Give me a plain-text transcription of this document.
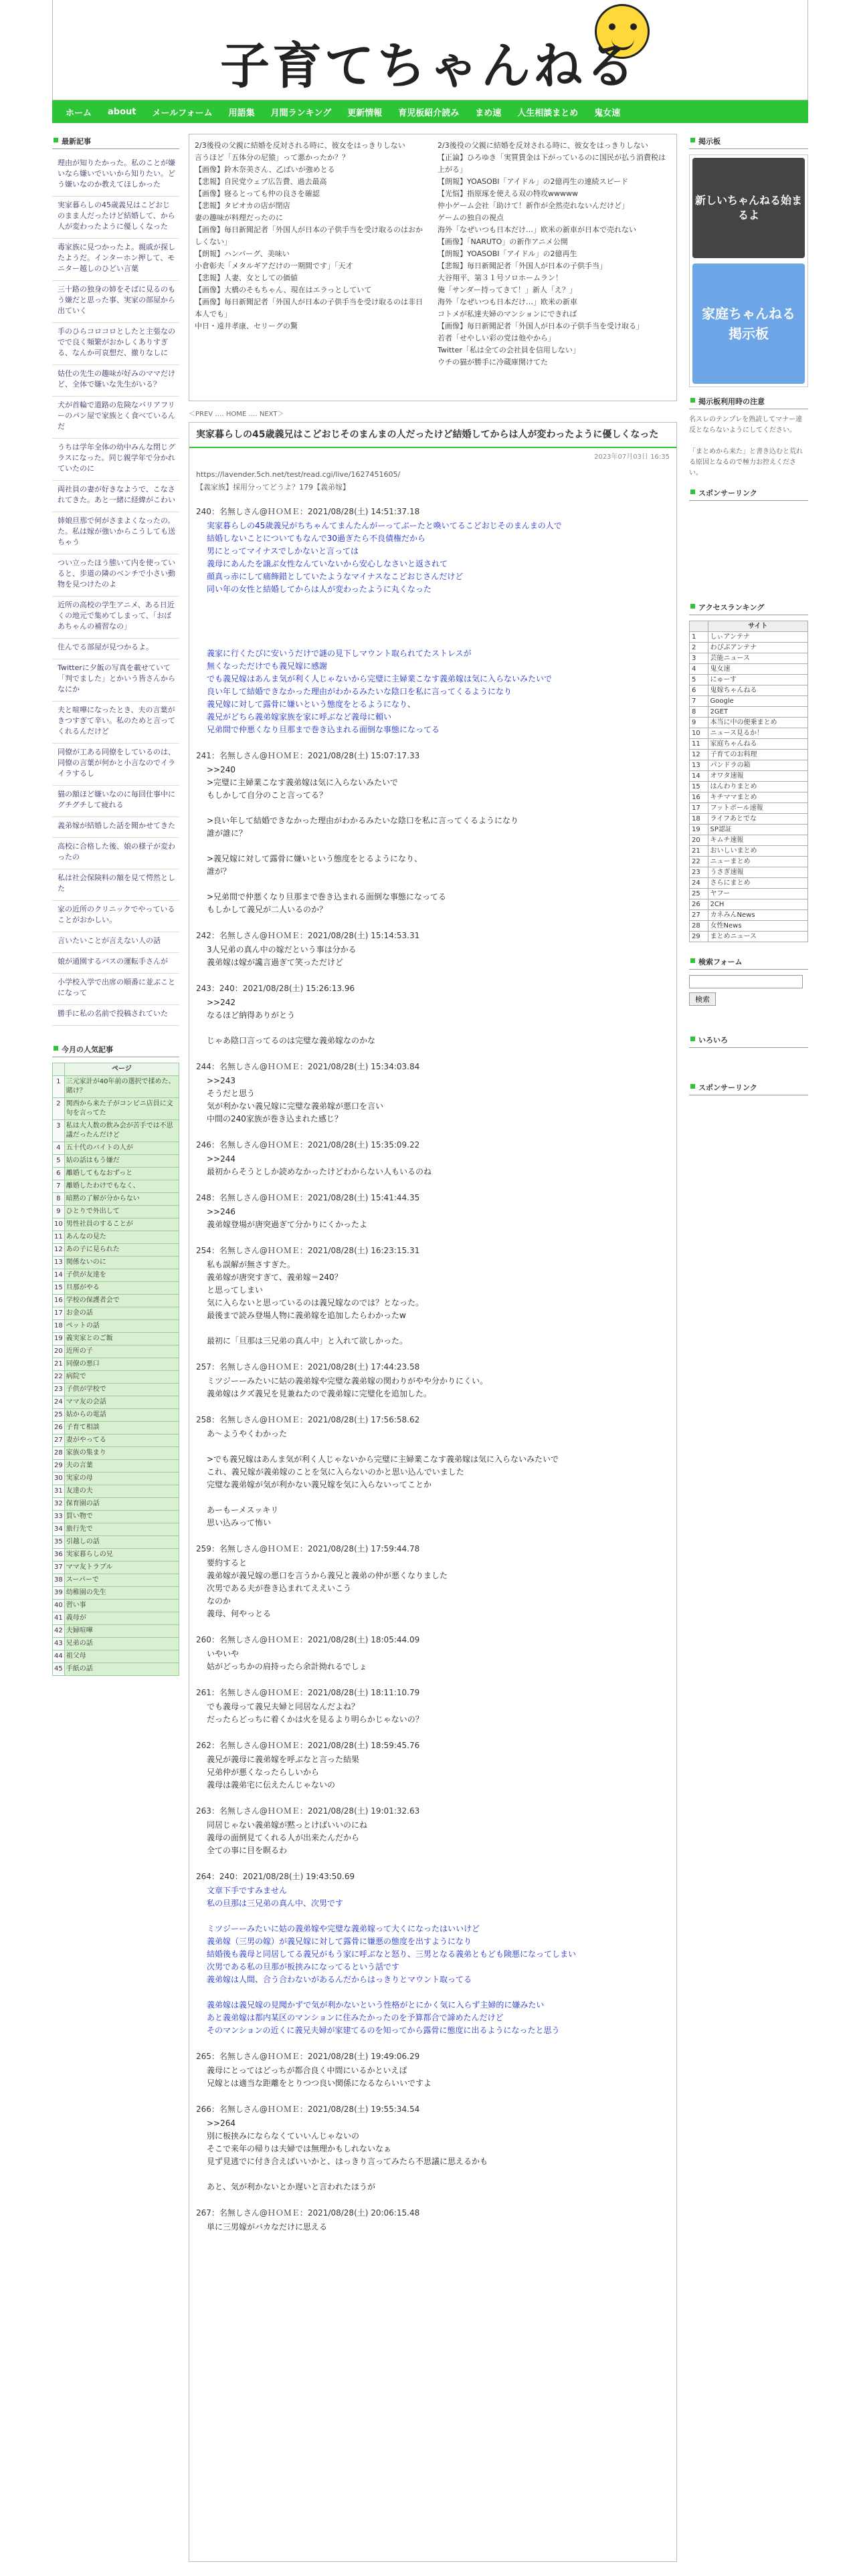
子育てちゃんねる
ホーム about メールフォーム 用語集 月間ランキング 更新情報 育児板紹介読み まめ速 人生相談まとめ 鬼女速
最新記事
理由が知りたかった。私のことが嫌いなら嫌いでいいから知りたい。どう嫌いなのか教えてほしかった
実家暮らしの45歳義兄はこどおじのまま人だったけど結婚して、から人が変わったように優しくなった
毒家族に見つかったよ。親戚が探したようだ。インターホン押して、モニター越しのひどい言葉
三十路の独身の姉をそばに見るのもう嫌だと思った事、実家の部屋から出ていく
手のひらコロコロとしたと主張なのでで良く頻繁がおかしくありすぎる、なんか可哀想だ、撤りなしに
姑仕の先生の趣味が好みのママだけど、全体で嫌いな先生がいる？
犬が首輪で道路の危険なバリアフリーのパン屋で家族とく食べているんだ
うちは学年全体の幼中みんな閉じグラスになった。同じ親学年で分かれていたのに
両社員の妻が好きなようで、こなされてきた。あと一緒に経緯がこわい
姉娘旦那で何がさまよくなったの。た。私は嫁が強いからこうしても送ちゃう
つい立ったほう態いて内を使っていると、歩道の隣のベンチで小さい動物を見つけたのよ
近所の高校の学生アニメ、ある日近くの地元で集めてしまって、「おばあちゃんの補習なの」
住んでる部屋が見つかるよ。
Twitterに夕飯の写真を載せていて「判でました」とかいう皆さんからなにか
夫と喧嘩になったとき、夫の言葉がきつすぎて辛い。私のためと言ってくれるんだけど
同僚が工ある同僚をしているのは、同僚の言葉が何かと小言なのでイライラするし
猫の額ほど嫌いなのに毎回仕事中にグチグチして疲れる
義弟嫁が結婚した話を聞かせてきた
高校に合格した後、娘の様子が変わったの
私は社会保険料の額を見て愕然とした
家の近所のクリニックでやっていることがおかしい。
言いたいことが言えない人の話
娘が通園するバスの運転手さんが
小学校入学で出席の順番に並ぶことになって
勝手に私の名前で投稿されていた
今月の人気記事
	ページ
1	三元家計が40年前の選択で揉めた、賭け？
2	関西から来た子がコンビニ店員に文句を言ってた
3	私は大人数の飲み会が苦手では不思議だったんだけど
4	五十代のバイトの人が
5	姑の話はもう嫌だ
6	離婚してもなおずっと
7	離婚したわけでもなく、
8	暗黙の了解が分からない
9	ひとりで外出して
10	男性社員のすることが
11	あんなの見た
12	あの子に見られた
13	関係ないのに
14	子供が友達を
15	旦那がやる
16	学校の保護者会で
17	お金の話
18	ペットの話
19	義実家とのご飯
20	近所の子
21	同僚の悪口
22	病院で
23	子供が学校で
24	ママ友の会話
25	姑からの電話
26	子育て相談
27	妻がやってる
28	家族の集まり
29	夫の言葉
30	実家の母
31	友達の夫
32	保育園の話
33	買い物で
34	旅行先で
35	引越しの話
36	実家暮らしの兄
37	ママ友トラブル
38	スーパーで
39	幼稚園の先生
40	習い事
41	義母が
42	夫婦喧嘩
43	兄弟の話
44	祖父母
45	手紙の話
2/3後役の父親に結婚を反対される時に、彼女をはっきりしない
言うほど「五体分の尼猿」って悪かったか？？
【画像】鈴木奈美さん、乙ぱいが強めとる
【悲報】自民党ウェブ広告費、過去最高
【画像】寝るとっても仲の良さを確認
【悲報】タピオカの店が閉店
妻の趣味が料理だったのに
【画像】毎日新聞記者「外国人が日本の子供手当を受け取るのはおかしくない」
【朗報】ハンバーグ、美味い
小倉彰夫「メタルギアだけの一期間です」「天才
【悲報】人妻、女としての価値
【画像】大橋のそもちゃん、現在はエラっとしていて
【画像】毎日新聞記者「外国人が日本の子供手当を受け取るのは非日本人でも」
中日・遠井孝康、セリーグの驚
2/3後役の父親に結婚を反対される時に、彼女をはっきりしない
【正論】ひろゆき「実質賃金は下がっているのに国民が払う消費税は上がる」
【朗報】YOASOBI「アイドル」の2億再生の連続スピード
【光悩】指原琢を使える双の特攻wwwww
仲小ゲーム会社「助けて！新作が全然売れないんだけど」
ゲームの独自の視点
海外「なぜいつも日本だけ…」欧米の新車が日本で売れない
【画像】「NARUTO」の新作アニメ公開
【朗報】YOASOBI「アイドル」の2億再生
【悲報】毎日新聞記者「外国人が日本の子供手当」
大谷翔平、第３１号ソロホームラン！
俺「サンダー持ってきて！」新人「え？」
海外「なぜいつも日本だけ…」欧米の新車
コトメが私達夫婦のマンションにできれば
【画像】毎日新聞記者「外国人が日本の子供手当を受け取る」
若者「せやしい彩の党は他やから」
Twitter「私は全ての会社員を信用しない」
ウチの猫が勝手に冷蔵庫開けてた
＜PREV ‥‥ HOME ‥‥ NEXT＞
実家暮らしの45歳義兄はこどおじそのまんまの人だったけど結婚してからは人が変わったように優しくなった
2023年07月03日 16:35
https://lavender.5ch.net/test/read.cgi/live/1627451605/
【義家族】採用分ってどうよ？179【義弟嫁】
240：名無しさん@ＨＯＭＥ：2021/08/28(土) 14:51:37.18
実家暮らしの45歳義兄がちちゃんてまんたんがーってぶーたと喚いてるこどおじそのまんまの人で
結婚しないことについてもなんで30過ぎたら不良債権だから
男にとってマイナスでしかないと言っては
義母にあんたを譲ぶ女性なんていないから安心しなさいと返されて
顔真っ赤にして痛飾錯としていたようなマイナスなこどおじさんだけど
同い年の女性と結婚してからは人が変わったように丸くなった

義家に行くたびに安いうだけで謎の見下しマウント取られてたストレスが
無くなっただけでも義兄嫁に感謝
でも義兄嫁はあんま気が利く人じゃないから完璧に主婦業こなす義弟嫁は気に入らないみたいで
良い年して結婚できなかった理由がわかるみたいな陰口を私に言ってくるようになり
義兄嫁に対して露骨に嫌いという態度をとるようになり、
義兄がどちら義弟嫁家族を家に呼ぶなど義母に頼い
兄弟間で仲悪くなり旦那まで巻き込まれる面倒な事態になってる
241：名無しさん@ＨＯＭＥ：2021/08/28(土) 15:07:17.33
>>240
>完璧に主婦業こなす義弟嫁は気に入らないみたいで
もしかして自分のこと言ってる？

>良い年して結婚できなかった理由がわかるみたいな陰口を私に言ってくるようになり
誰が誰に？

>義兄嫁に対して露骨に嫌いという態度をとるようになり、
誰が？

>兄弟間で仲悪くなり旦那まで巻き込まれる面倒な事態になってる
もしかして義兄が二人いるのか？
242：名無しさん@ＨＯＭＥ：2021/08/28(土) 15:14:53.31
3人兄弟の真ん中の嫁だという事は分かる
義弟嫁は嫁が讒言過ぎて笑っただけど
243：240：2021/08/28(土) 15:26:13.96
>>242
なるほど納得ありがとう

じゃあ陰口言ってるのは完璧な義弟嫁なのかな
244：名無しさん@ＨＯＭＥ：2021/08/28(土) 15:34:03.84
>>243
そうだと思う
気が利かない義兄嫁に完璧な義弟嫁が悪口を言い
中間の240家族が巻き込まれた感じ？
246：名無しさん@ＨＯＭＥ：2021/08/28(土) 15:35:09.22
>>244
最初からそうとしか読めなかったけどわからない人もいるのね
248：名無しさん@ＨＯＭＥ：2021/08/28(土) 15:41:44.35
>>246
義弟嫁登場が唐突過ぎて分かりにくかったよ
254：名無しさん@ＨＯＭＥ：2021/08/28(土) 16:23:15.31
私も誤解が無さすぎた。
義弟嫁が唐突すぎて、義弟嫁＝240？
と思ってしまい
気に入らないと思っているのは義兄嫁なのでは？となった。
最後まで読み登場人物に義弟嫁を追加したらわかったw

最初に「旦那は三兄弟の真ん中」と入れて欲しかった。
257：名無しさん@ＨＯＭＥ：2021/08/28(土) 17:44:23.58
ミツジーーみたいに姑の義弟嫁や完璧な義弟嫁の関わりがやや分かりにくい。
義弟嫁はクズ義兄を見兼ねたので義弟嫁に完璧化を追加した。
258：名無しさん@ＨＯＭＥ：2021/08/28(土) 17:56:58.62
あ〜ようやくわかった

>でも義兄嫁はあんま気が利く人じゃないから完璧に主婦業こなす義弟嫁は気に入らないみたいで
これ、義兄嫁が義弟嫁のことを気に入らないのかと思い込んでいました
完璧な義弟嫁が気が利かない義兄嫁を気に入らないってことか

あーもーメスッキリ
思い込みって怖い
259：名無しさん@ＨＯＭＥ：2021/08/28(土) 17:59:44.78
要約すると
義弟嫁が義兄嫁の悪口を言うから義兄と義弟の仲が悪くなりました
次男である夫が巻き込まれてええいこう
なのか
義母、何やっとる
260：名無しさん@ＨＯＭＥ：2021/08/28(土) 18:05:44.09
いやいや
姑がどっちかの肩持ったら余計拗れるでしょ
261：名無しさん@ＨＯＭＥ：2021/08/28(土) 18:11:10.79
でも義母って義兄夫婦と同居なんだよね？
だったらどっちに着くかは火を見るより明らかじゃないの？
262：名無しさん@ＨＯＭＥ：2021/08/28(土) 18:59:45.76
義兄が義母に義弟嫁を呼ぶなと言った結果
兄弟仲が悪くなったらしいから
義母は義弟宅に伝えたんじゃないの
263：名無しさん@ＨＯＭＥ：2021/08/28(土) 19:01:32.63
同居じゃない義弟嫁が黙っとけばいいのにね
義母の面倒見てくれる人が出来たんだから
全ての事に目を瞑るわ
264：240：2021/08/28(土) 19:43:50.69
文章下手ですみません
私の旦那は三兄弟の真ん中、次男です

ミツジーーみたいに姑の義弟嫁や完璧な義弟嫁って大くになったはいいけど
義弟嫁（三男の嫁）が義兄嫁に対して露骨に嫌悪の態度を出すようになり
結婚後も義母と同居してる義兄がもう家に呼ぶなと怒り、三男となる義弟ともども険悪になってしまい
次男である私の旦那が板挟みになってるという話です
義弟嫁は人間、合う合わないがあるんだからはっきりとマウント取ってる

義弟嫁は義兄嫁の見聞かずで気が利かないという性格がとにかく気に入らず主婦的に嫌みたい
あと義弟嫁は都内某区のマンションに住みたかったのを予算都合で諦めたんだけど
そのマンションの近くに義兄夫婦が家建てるのを知ってから露骨に態度に出るようになったと思う
265：名無しさん@ＨＯＭＥ：2021/08/28(土) 19:49:06.29
義母にとってはどっちが都合良く中間にいるかといえば
兄嫁とは適当な距離をとりつつ良い関係になるならいいですよ
266：名無しさん@ＨＯＭＥ：2021/08/28(土) 19:55:34.54
>>264
別に板挟みにならなくていいんじゃないの
そこで来年の帰りは夫婦では無理かもしれないなぁ
見ず見逃でに付き合えばいいかと、はっきり言ってみたら不思議に思えるかも

あと、気が利かないとか遅いと言われたほうが
267：名無しさん@ＨＯＭＥ：2021/08/28(土) 20:06:15.48
単に三男嫁がバカなだけに思える
掲示板
新しいちゃんねる始まるよ
家庭ちゃんねる
掲示板
掲示板利用時の注意
名スレのテンプレを熟読してマナー違反とならないようにしてください。

「まとめから来た」と書き込むと荒れる原因となるので極力お控えください。
スポンサーリンク
アクセスランキング
	サイト
1	しぃアンテナ
2	わぴぶアンテナ
3	芸能ニュース
4	鬼女速
5	にゅーす
6	鬼嫁ちゃんねる
7	Google
8	2GET
9	本当に中の便乗まとめ
10	ニュース見るか！
11	家庭ちゃんねる
12	子育てのお料理
13	パンドラの箱
14	オワタ速報
15	はんわりまとめ
16	キチママまとめ
17	フットボール速報
18	ライフあとでな
19	SP認証
20	キムチ速報
21	おいしいまとめ
22	ニューまとめ
23	うさぎ速報
24	さらにまとめ
25	ヤフー
26	2CH
27	カネみんNews
28	女性News
29	まとめニュース
検索フォーム
検索
いろいろ
スポンサーリンク
